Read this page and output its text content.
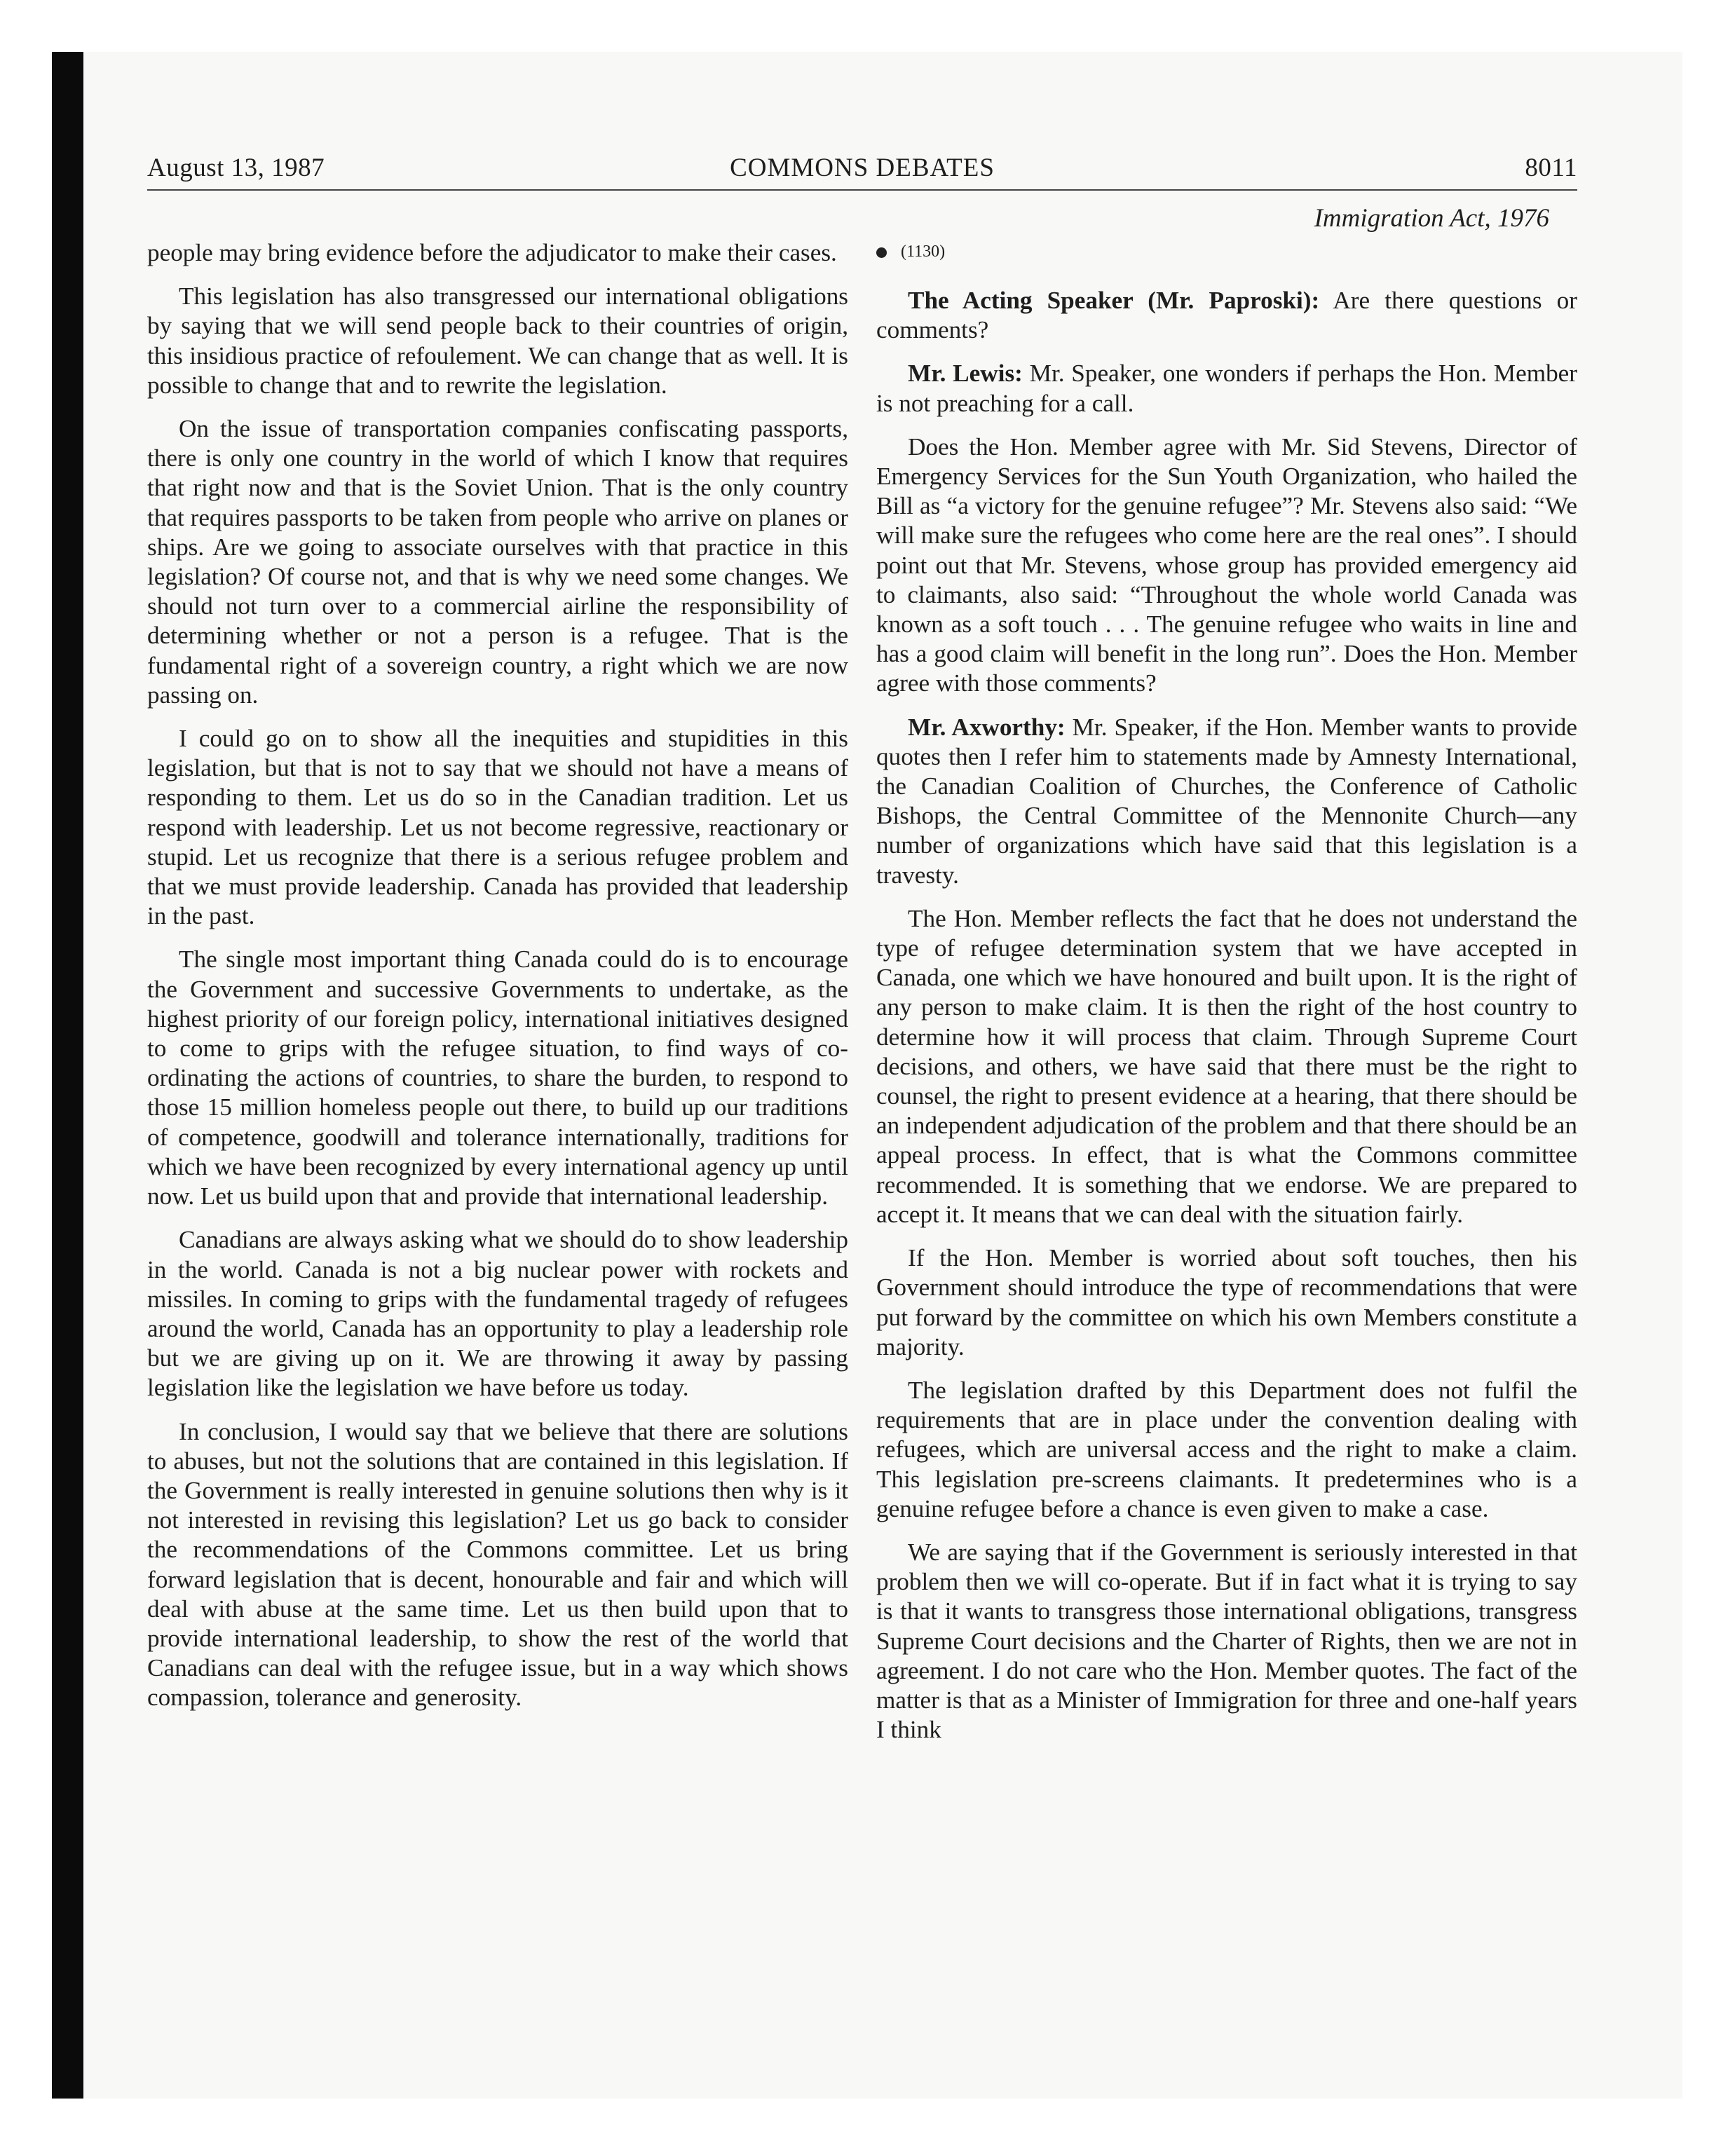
August 13, 1987	COMMONS DEBATES	8011

people may bring evidence before the adjudicator to make their cases.

This legislation has also transgressed our international obligations by saying that we will send people back to their countries of origin, this insidious practice of refoulement. We can change that as well. It is possible to change that and to rewrite the legislation.

On the issue of transportation companies confiscating passports, there is only one country in the world of which I know that requires that right now and that is the Soviet Union. That is the only country that requires passports to be taken from people who arrive on planes or ships. Are we going to associate ourselves with that practice in this legislation? Of course not, and that is why we need some changes. We should not turn over to a commercial airline the responsibility of determining whether or not a person is a refugee. That is the fundamental right of a sovereign country, a right which we are now passing on.

I could go on to show all the inequities and stupidities in this legislation, but that is not to say that we should not have a means of responding to them. Let us do so in the Canadian tradition. Let us respond with leadership. Let us not become regressive, reactionary or stupid. Let us recognize that there is a serious refugee problem and that we must provide leadership. Canada has provided that leadership in the past.

The single most important thing Canada could do is to encourage the Government and successive Governments to undertake, as the highest priority of our foreign policy, international initiatives designed to come to grips with the refugee situation, to find ways of co-ordinating the actions of countries, to share the burden, to respond to those 15 million homeless people out there, to build up our traditions of competence, goodwill and tolerance internationally, traditions for which we have been recognized by every international agency up until now. Let us build upon that and provide that international leadership.

Canadians are always asking what we should do to show leadership in the world. Canada is not a big nuclear power with rockets and missiles. In coming to grips with the fundamental tragedy of refugees around the world, Canada has an opportunity to play a leadership role but we are giving up on it. We are throwing it away by passing legislation like the legislation we have before us today.

In conclusion, I would say that we believe that there are solutions to abuses, but not the solutions that are contained in this legislation. If the Government is really interested in genuine solutions then why is it not interested in revising this legislation? Let us go back to consider the recommendations of the Commons committee. Let us bring forward legislation that is decent, honourable and fair and which will deal with abuse at the same time. Let us then build upon that to provide international leadership, to show the rest of the world that Canadians can deal with the refugee issue, but in a way which shows compassion, tolerance and generosity.

Immigration Act, 1976
(1130)

The Acting Speaker (Mr. Paproski): Are there questions or comments?

Mr. Lewis: Mr. Speaker, one wonders if perhaps the Hon. Member is not preaching for a call.

Does the Hon. Member agree with Mr. Sid Stevens, Director of Emergency Services for the Sun Youth Organization, who hailed the Bill as “a victory for the genuine refugee”? Mr. Stevens also said: “We will make sure the refugees who come here are the real ones”. I should point out that Mr. Stevens, whose group has provided emergency aid to claimants, also said: “Throughout the whole world Canada was known as a soft touch . . . The genuine refugee who waits in line and has a good claim will benefit in the long run”. Does the Hon. Member agree with those comments?

Mr. Axworthy: Mr. Speaker, if the Hon. Member wants to provide quotes then I refer him to statements made by Amnesty International, the Canadian Coalition of Churches, the Conference of Catholic Bishops, the Central Committee of the Mennonite Church—any number of organizations which have said that this legislation is a travesty.

The Hon. Member reflects the fact that he does not understand the type of refugee determination system that we have accepted in Canada, one which we have honoured and built upon. It is the right of any person to make claim. It is then the right of the host country to determine how it will process that claim. Through Supreme Court decisions, and others, we have said that there must be the right to counsel, the right to present evidence at a hearing, that there should be an independent adjudication of the problem and that there should be an appeal process. In effect, that is what the Commons committee recommended. It is something that we endorse. We are prepared to accept it. It means that we can deal with the situation fairly.

If the Hon. Member is worried about soft touches, then his Government should introduce the type of recommendations that were put forward by the committee on which his own Members constitute a majority.

The legislation drafted by this Department does not fulfil the requirements that are in place under the convention dealing with refugees, which are universal access and the right to make a claim. This legislation pre-screens claimants. It predetermines who is a genuine refugee before a chance is even given to make a case.

We are saying that if the Government is seriously interested in that problem then we will co-operate. But if in fact what it is trying to say is that it wants to transgress those international obligations, transgress Supreme Court decisions and the Charter of Rights, then we are not in agreement. I do not care who the Hon. Member quotes. The fact of the matter is that as a Minister of Immigration for three and one-half years I think
